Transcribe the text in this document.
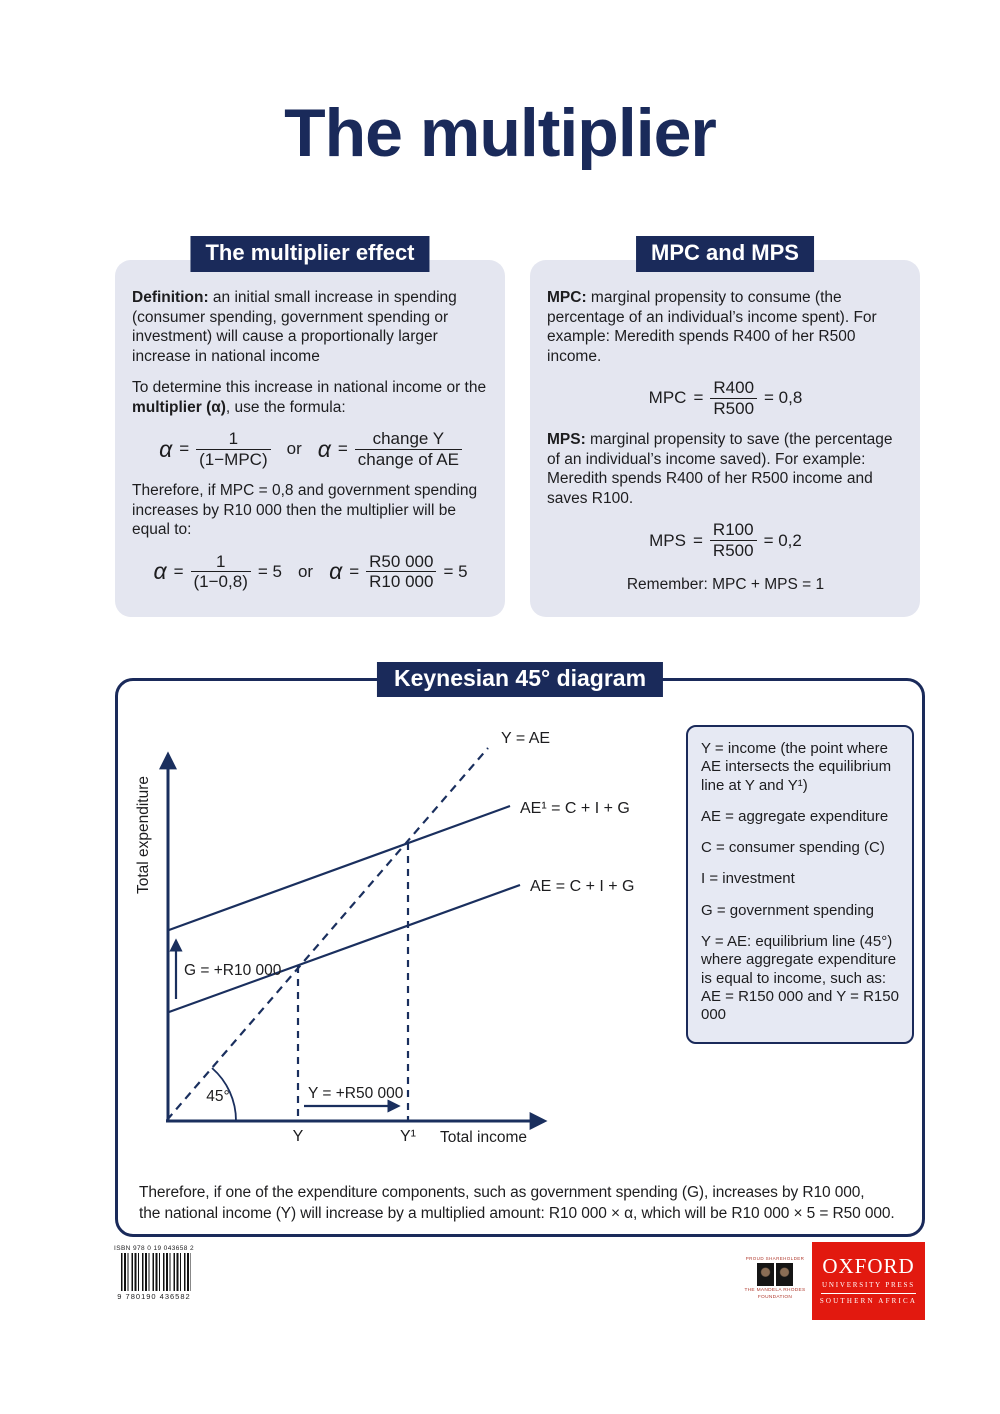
The multiplier
The multiplier effect

Definition: an initial small increase in spending (consumer spending, government spending or investment) will cause a proportionally larger increase in national income

To determine this increase in national income or the multiplier (α), use the formula:

$\alpha = \frac{1}{\text{(1−MPC)}}$ or $\alpha = \frac{\text{change Y}}{\text{change of AE}}$

Therefore, if MPC = 0,8 and government spending increases by R10 000 then the multiplier will be equal to:

$\alpha = \frac{1}{(1-0,8)} = 5$ or $\alpha = \frac{R50 000}{R10 000} = 5$
MPC and MPS

MPC: marginal propensity to consume (the percentage of an individual’s income spent). For example: Meredith spends R400 of her R500 income.

MPC = $\frac{R400}{R500} = 0,8$

MPS: marginal propensity to save (the percentage of an individual’s income saved). For example: Meredith spends R400 of her R500 income and saves R100.

MPS = $\frac{R100}{R500} = 0,2$

Remember: MPC + MPS = 1

Keynesian 45° diagram
Y = AE
AE¹ = C + I + G
AE = C + I + G
G = +R10 000
45°	Y = +R50 000
Y	Y¹ Total income
Total expenditure

Y = income (the point where AE intersects the equilibrium line at Y and Y¹)

AE = aggregate expenditure

C = consumer spending (C)

I = investment

G = government spending

Y = AE: equilibrium line (45°) where aggregate expenditure is equal to income, such as: AE = R150 000 and Y = R150 000

Therefore, if one of the expenditure components, such as government spending (G), increases by R10 000,
the national income (Y) will increase by a multiplied amount: R10 000 × α, which will be R10 000 × 5 = R50 000.
ISBN 978 0 19 043658 2
9 780190 436582
PROUD SHAREHOLDER
THE MANDELA RHODES
FOUNDATION
OXFORD
UNIVERSITY PRESS
SOUTHERN AFRICA
